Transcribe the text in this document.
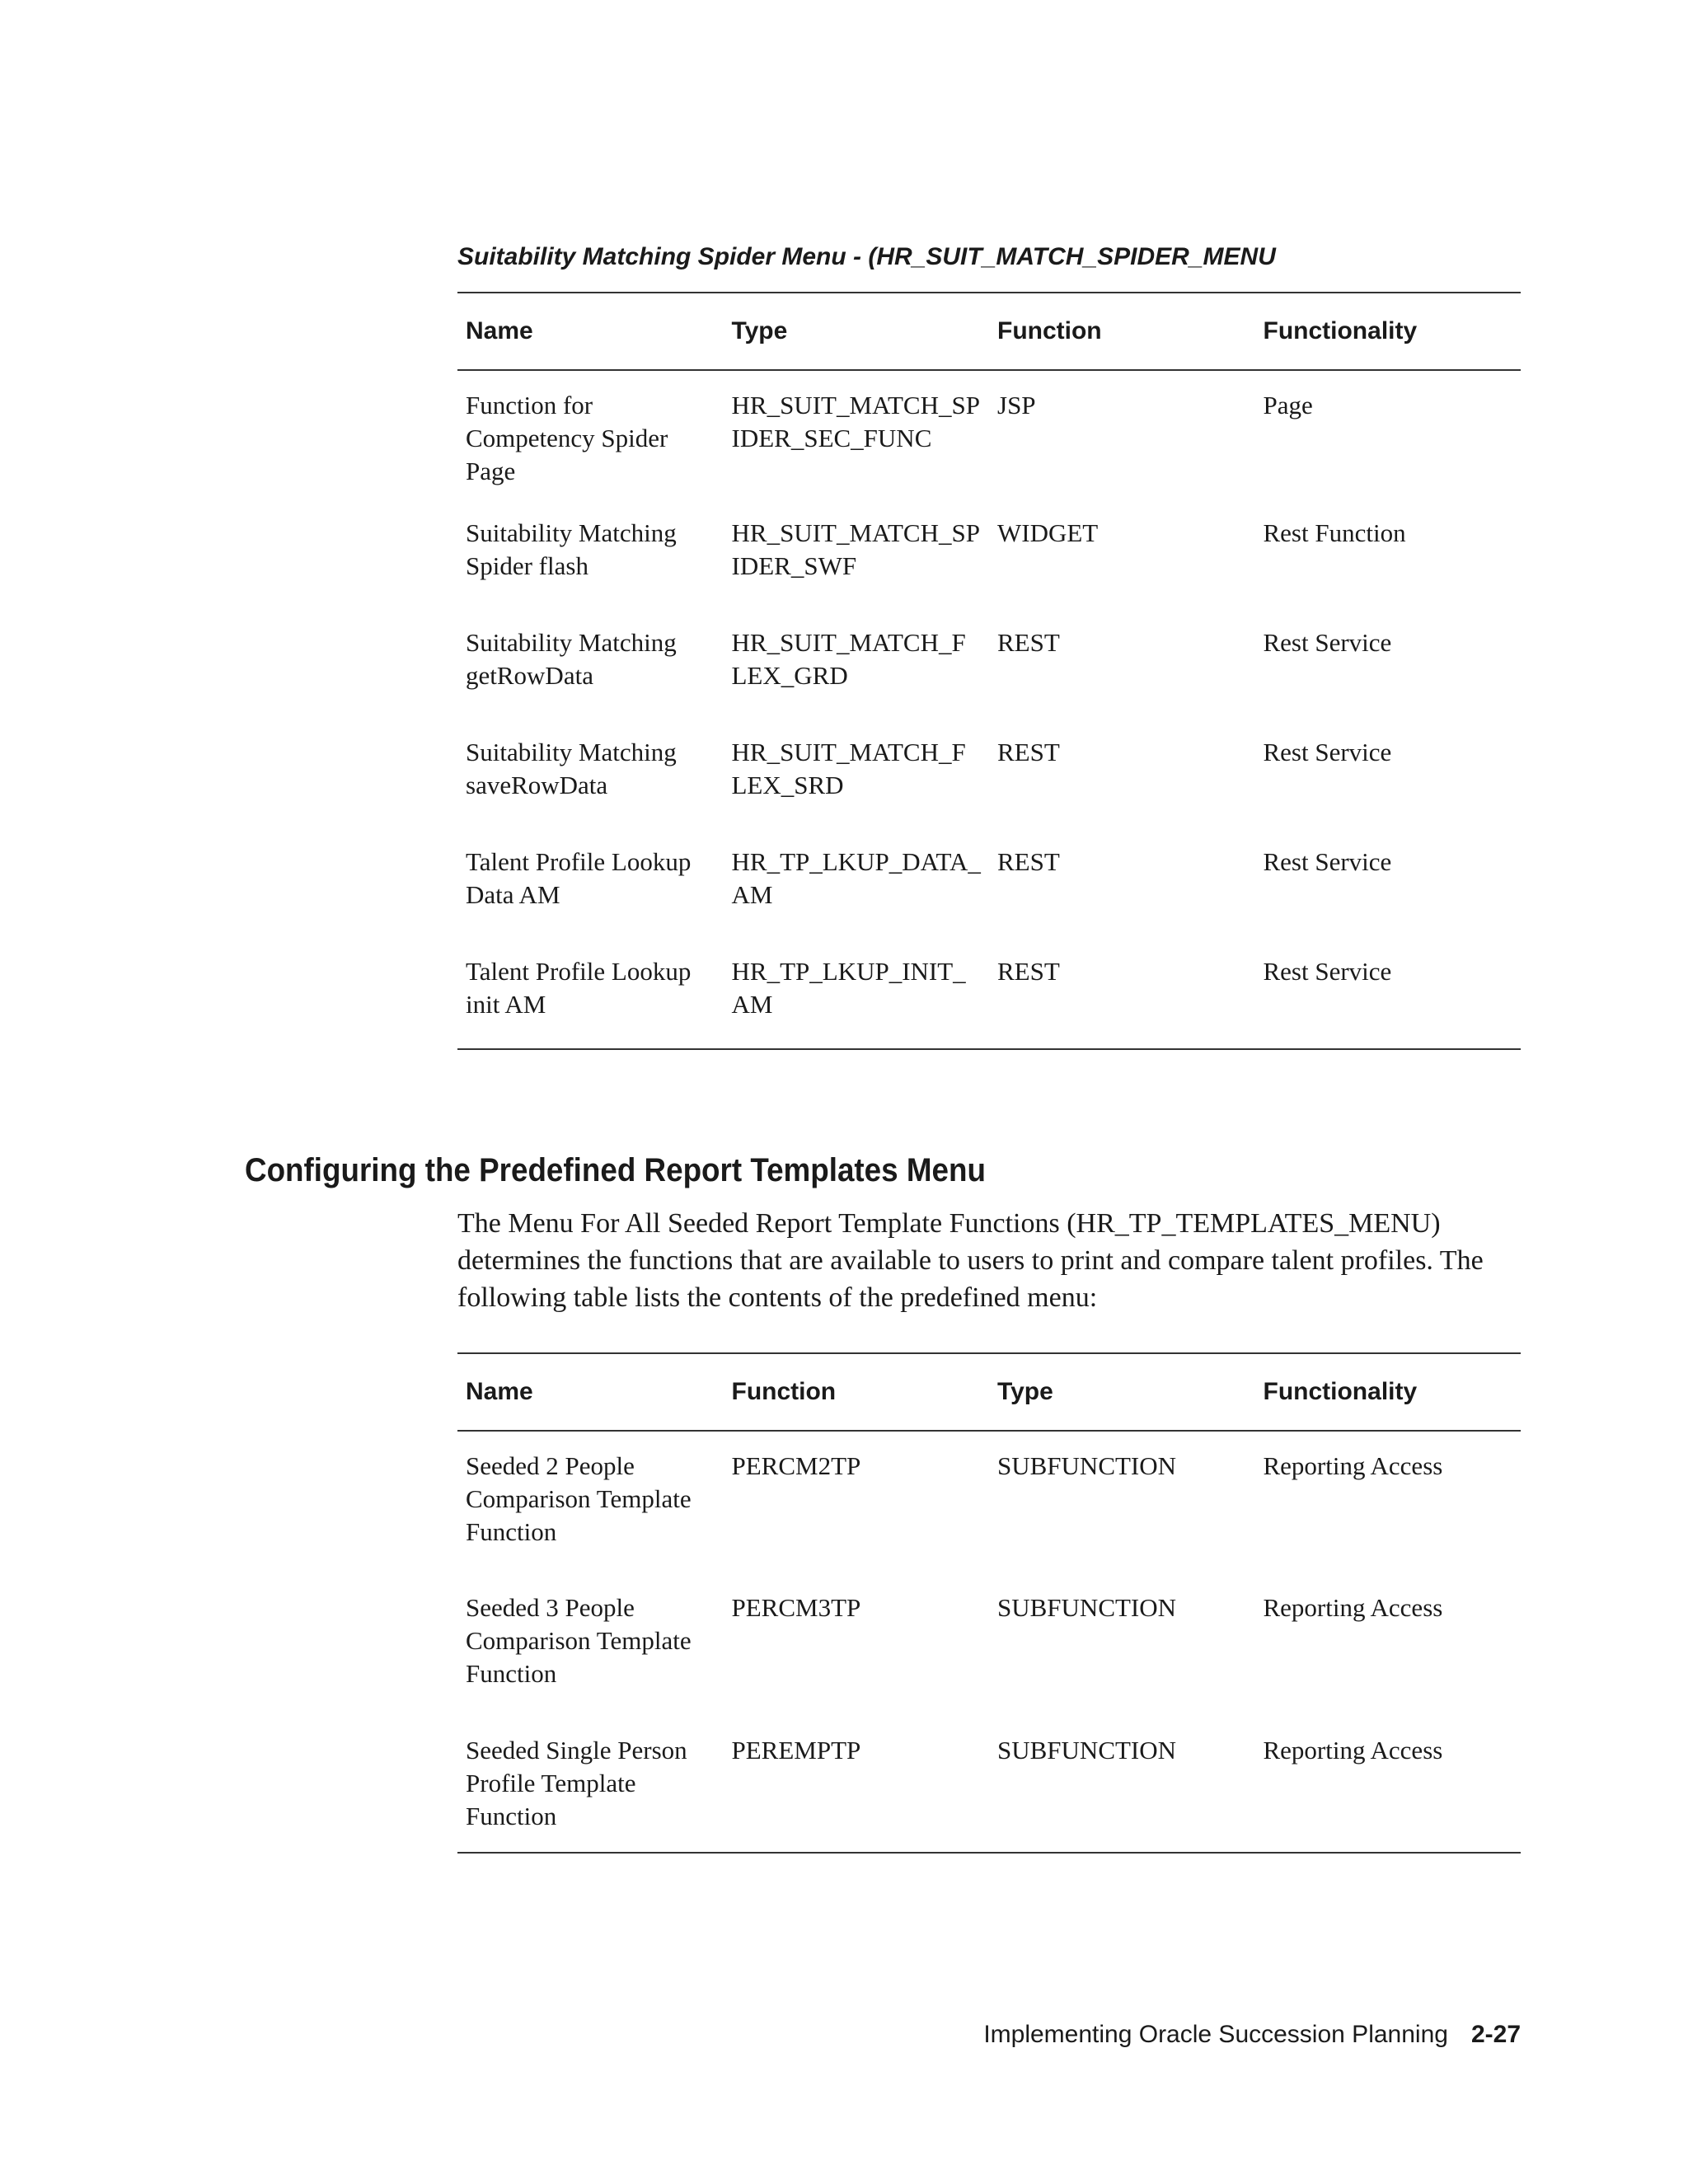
Suitability Matching Spider Menu - (HR_SUIT_MATCH_SPIDER_MENU

Name	Type	Function	Functionality
Function for Competency Spider Page	HR_SUIT_MATCH_SPIDER_SEC_FUNC	JSP	Page
Suitability Matching Spider flash	HR_SUIT_MATCH_SPIDER_SWF	WIDGET	Rest Function
Suitability Matching getRowData	HR_SUIT_MATCH_FLEX_GRD	REST	Rest Service
Suitability Matching saveRowData	HR_SUIT_MATCH_FLEX_SRD	REST	Rest Service
Talent Profile Lookup Data AM	HR_TP_LKUP_DATA_AM	REST	Rest Service
Talent Profile Lookup init AM	HR_TP_LKUP_INIT_AM	REST	Rest Service
Configuring the Predefined Report Templates Menu

The Menu For All Seeded Report Template Functions (HR_TP_TEMPLATES_MENU) determines the functions that are available to users to print and compare talent profiles. The following table lists the contents of the predefined menu:

Name	Function	Type	Functionality
Seeded 2 People Comparison Template Function	PERCM2TP	SUBFUNCTION	Reporting Access
Seeded 3 People Comparison Template Function	PERCM3TP	SUBFUNCTION	Reporting Access
Seeded Single Person Profile Template Function	PEREMPTP	SUBFUNCTION	Reporting Access
Implementing Oracle Succession Planning 2-27
